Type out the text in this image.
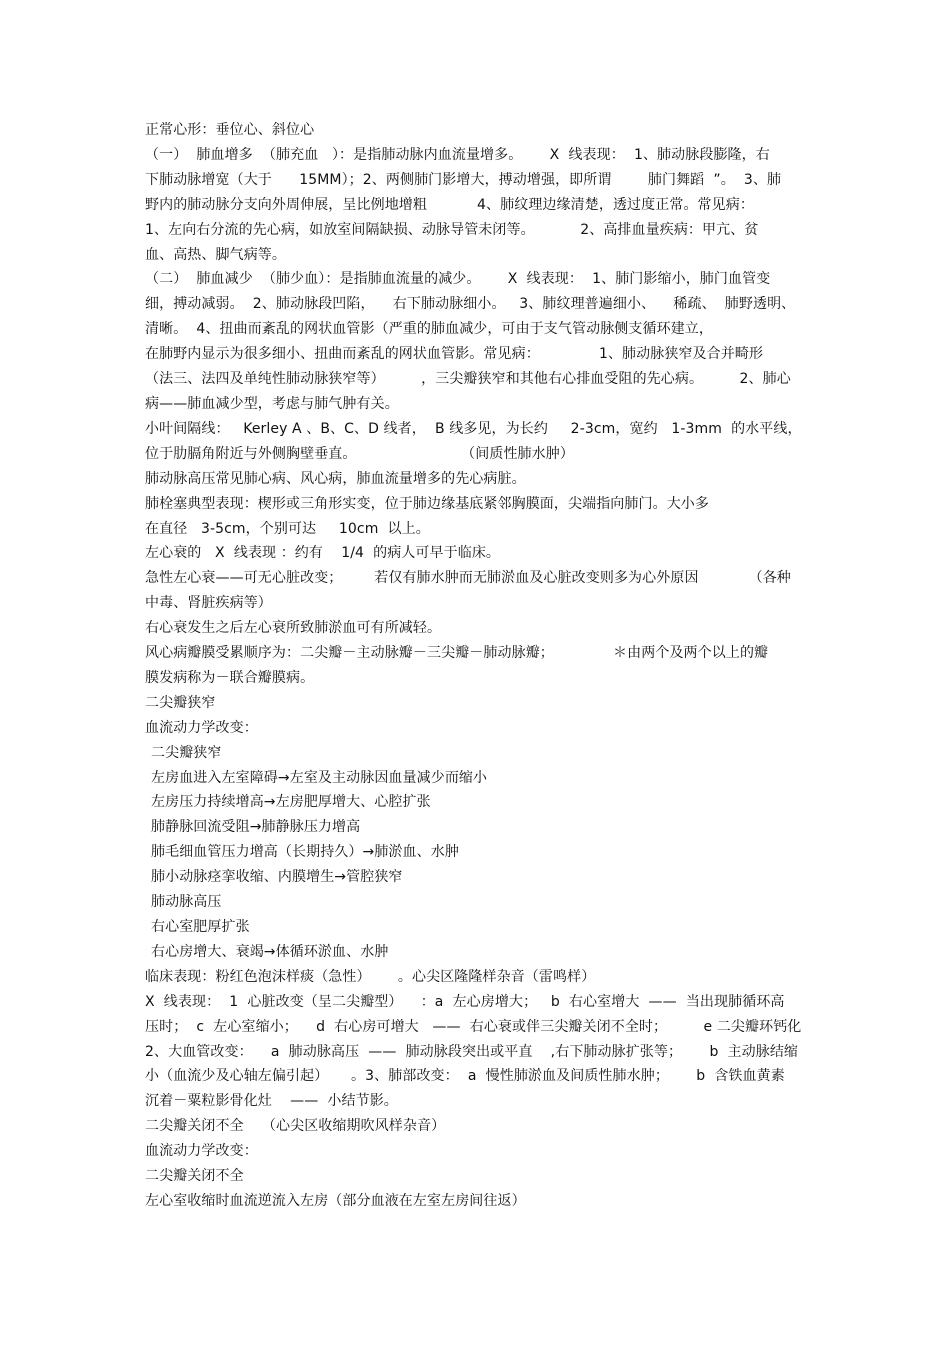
正常心形：垂位心、斜位心
（一）  肺血增多  （肺充血   ）：是指肺动脉内血流量增多。      X  线表现：  1、肺动脉段膨隆，右
下肺动脉增宽（大于      15MM）；2、两侧肺门影增大，搏动增强，即所谓        肺门舞蹈  ”。  3、肺
野内的肺动脉分支向外周伸展，呈比例地增粗           4、肺纹理边缘清楚，透过度正常。常见病：
1、左向右分流的先心病，如放室间隔缺损、动脉导管未闭等。          2、高排血量疾病：甲亢、贫
血、高热、脚气病等。
（二）  肺血减少  （肺少血）：是指肺血流量的减少。      X  线表现：  1、肺门影缩小，肺门血管变
细，搏动减弱。  2、肺动脉段凹陷，    右下肺动脉细小。   3、肺纹理普遍细小、    稀疏、  肺野透明、
清晰。  4、扭曲而紊乱的网状血管影（严重的肺血减少，可由于支气管动脉侧支循环建立，
在肺野内显示为很多细小、扭曲而紊乱的网状血管影。常见病：             1、肺动脉狭窄及合并畸形
（法三、法四及单纯性肺动脉狭窄等）        ，三尖瓣狭窄和其他右心排血受阻的先心病。        2、肺心
病——肺血减少型，考虑与肺气肿有关。
小叶间隔线：   Kerley A 、B、C、D 线者，  B 线多见，为长约     2-3cm，宽约   1-3mm  的水平线，
位于肋膈角附近与外侧胸壁垂直。                       （间质性肺水肿）
肺动脉高压常见肺心病、风心病，肺血流量增多的先心病脏。
肺栓塞典型表现：楔形或三角形实变，位于肺边缘基底紧邻胸膜面，尖端指向肺门。大小多
在直径   3-5cm，个别可达     10cm  以上。
左心衰的   X  线表现 ：约有    1/4  的病人可早于临床。
急性左心衰——可无心脏改变；       若仅有肺水肿而无肺淤血及心脏改变则多为心外原因           （各种
中毒、肾脏疾病等）
右心衰发生之后左心衰所致肺淤血可有所减轻。
风心病瓣膜受累顺序为：二尖瓣－主动脉瓣－三尖瓣－肺动脉瓣；             ＊由两个及两个以上的瓣
膜发病称为－联合瓣膜病。
二尖瓣狭窄
血流动力学改变：
二尖瓣狭窄
左房血进入左室障碍→左室及主动脉因血量减少而缩小
左房压力持续增高→左房肥厚增大、心腔扩张
肺静脉回流受阻→肺静脉压力增高
肺毛细血管压力增高（长期持久）→肺淤血、水肿
肺小动脉痉挛收缩、内膜增生→管腔狭窄
肺动脉高压
右心室肥厚扩张
右心房增大、衰竭→体循环淤血、水肿
临床表现：粉红色泡沫样痰（急性）      。心尖区隆隆样杂音（雷鸣样）
X  线表现：  1  心脏改变（呈二尖瓣型）    ：a  左心房增大；   b  右心室增大  ——  当出现肺循环高
压时；  c  左心室缩小；    d  右心房可增大   ——  右心衰或伴三尖瓣关闭不全时；        e 二尖瓣环钙化
2、大血管改变：    a  肺动脉高压  ——  肺动脉段突出或平直    ,右下肺动脉扩张等；      b  主动脉结缩
小（血流少及心轴左偏引起）     。3、肺部改变：  a  慢性肺淤血及间质性肺水肿；      b  含铁血黄素
沉着－粟粒影骨化灶    ——  小结节影。
二尖瓣关闭不全    （心尖区收缩期吹风样杂音）
血流动力学改变：
二尖瓣关闭不全
左心室收缩时血流逆流入左房（部分血液在左室左房间往返）
